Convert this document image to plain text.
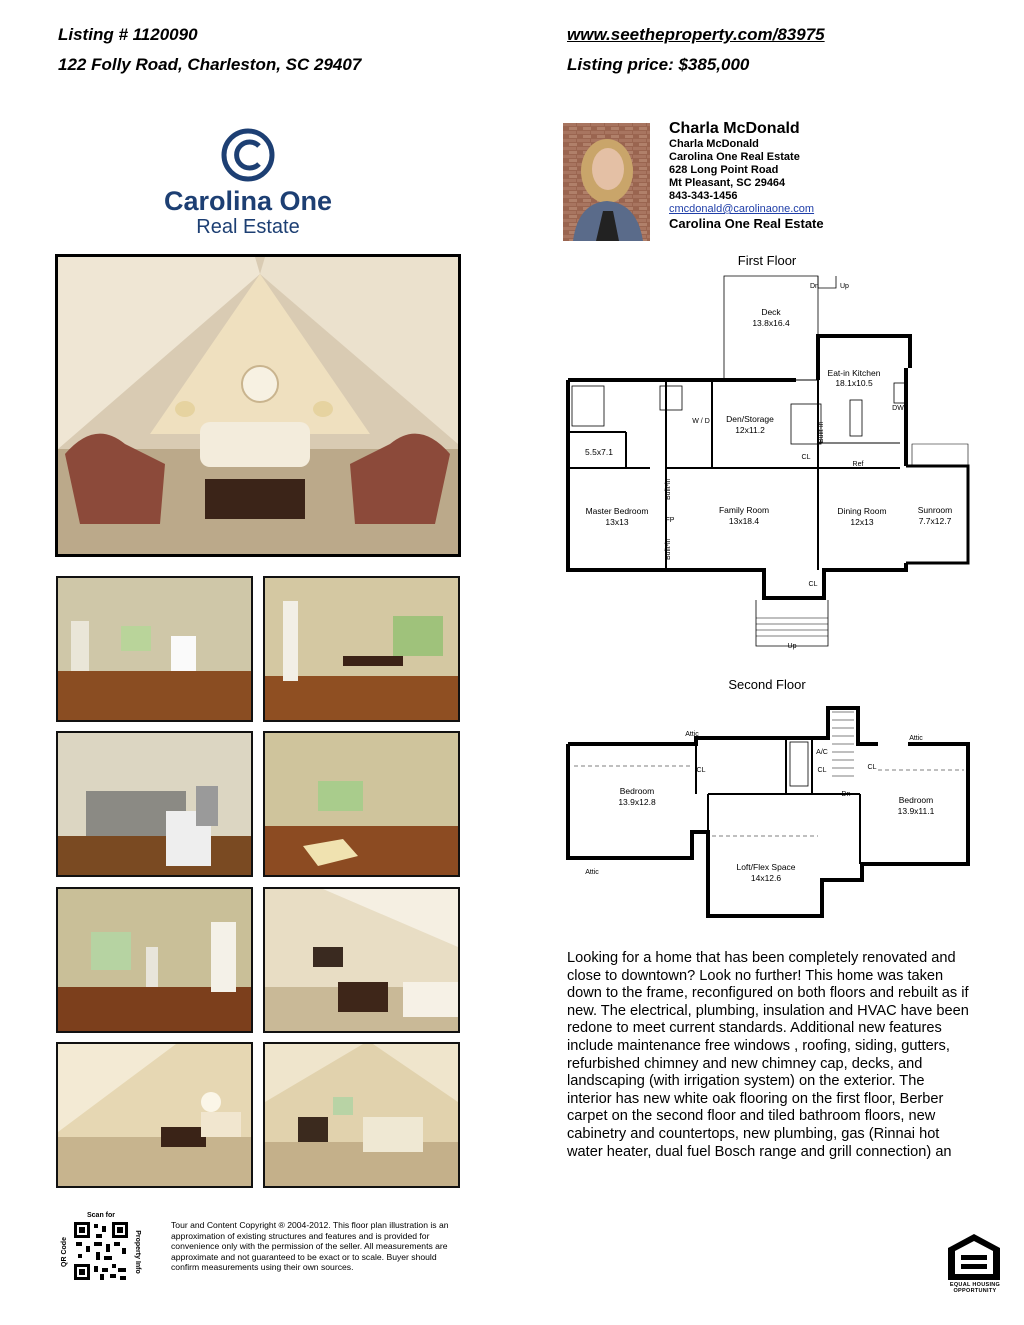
Listing # 1120090
122 Folly Road, Charleston, SC 29407
www.seetheproperty.com/83975
Listing price: $385,000
Carolina One
Real Estate
Charla McDonald
Charla McDonald
Carolina One Real Estate
628 Long Point Road
Mt Pleasant, SC 29464
843-343-1456
cmcdonald@carolinaone.com
Carolina One Real Estate
First Floor
Second Floor
Deck
13.8x16.4
Eat-in Kitchen
18.1x10.5
Den/Storage
12x11.2
5.5x7.1
Master Bedroom
13x13
Family Room
13x18.4
Dining Room
12x13
Sunroom
7.7x12.7
Dn	Up
Up
CL
CL
Ref
DW
Built-in
Built-in
Built-in
FP
W / D
Bedroom
13.9x12.8	Bedroom
13.9x11.1
Loft/Flex Space
14x12.6
Attic
Attic
Attic
CL	CL	CL
A/C
Dn
Looking for a home that has been completely renovated and close to downtown? Look no further! This home was taken down to the frame, reconfigured on both floors and rebuilt as if new. The electrical, plumbing, insulation and HVAC have been redone to meet current standards. Additional new features include maintenance free windows , roofing, siding, gutters, refurbished chimney and new chimney cap, decks, and landscaping (with irrigation system) on the exterior. The interior has new white oak flooring on the first floor, Berber carpet on the second floor and tiled bathroom floors, new cabinetry and countertops, new plumbing, gas (Rinnai hot water heater, dual fuel Bosch range and grill connection) an
Scan for
QR Code	Property Info
Tour and Content Copyright ® 2004-2012. This floor plan illustration is an approximation of existing structures and features and is provided for convenience only with the permission of the seller. All measurements are approximate and not guaranteed to be exact or to scale. Buyer should confirm measurements using their own sources.
EQUAL HOUSING
OPPORTUNITY
